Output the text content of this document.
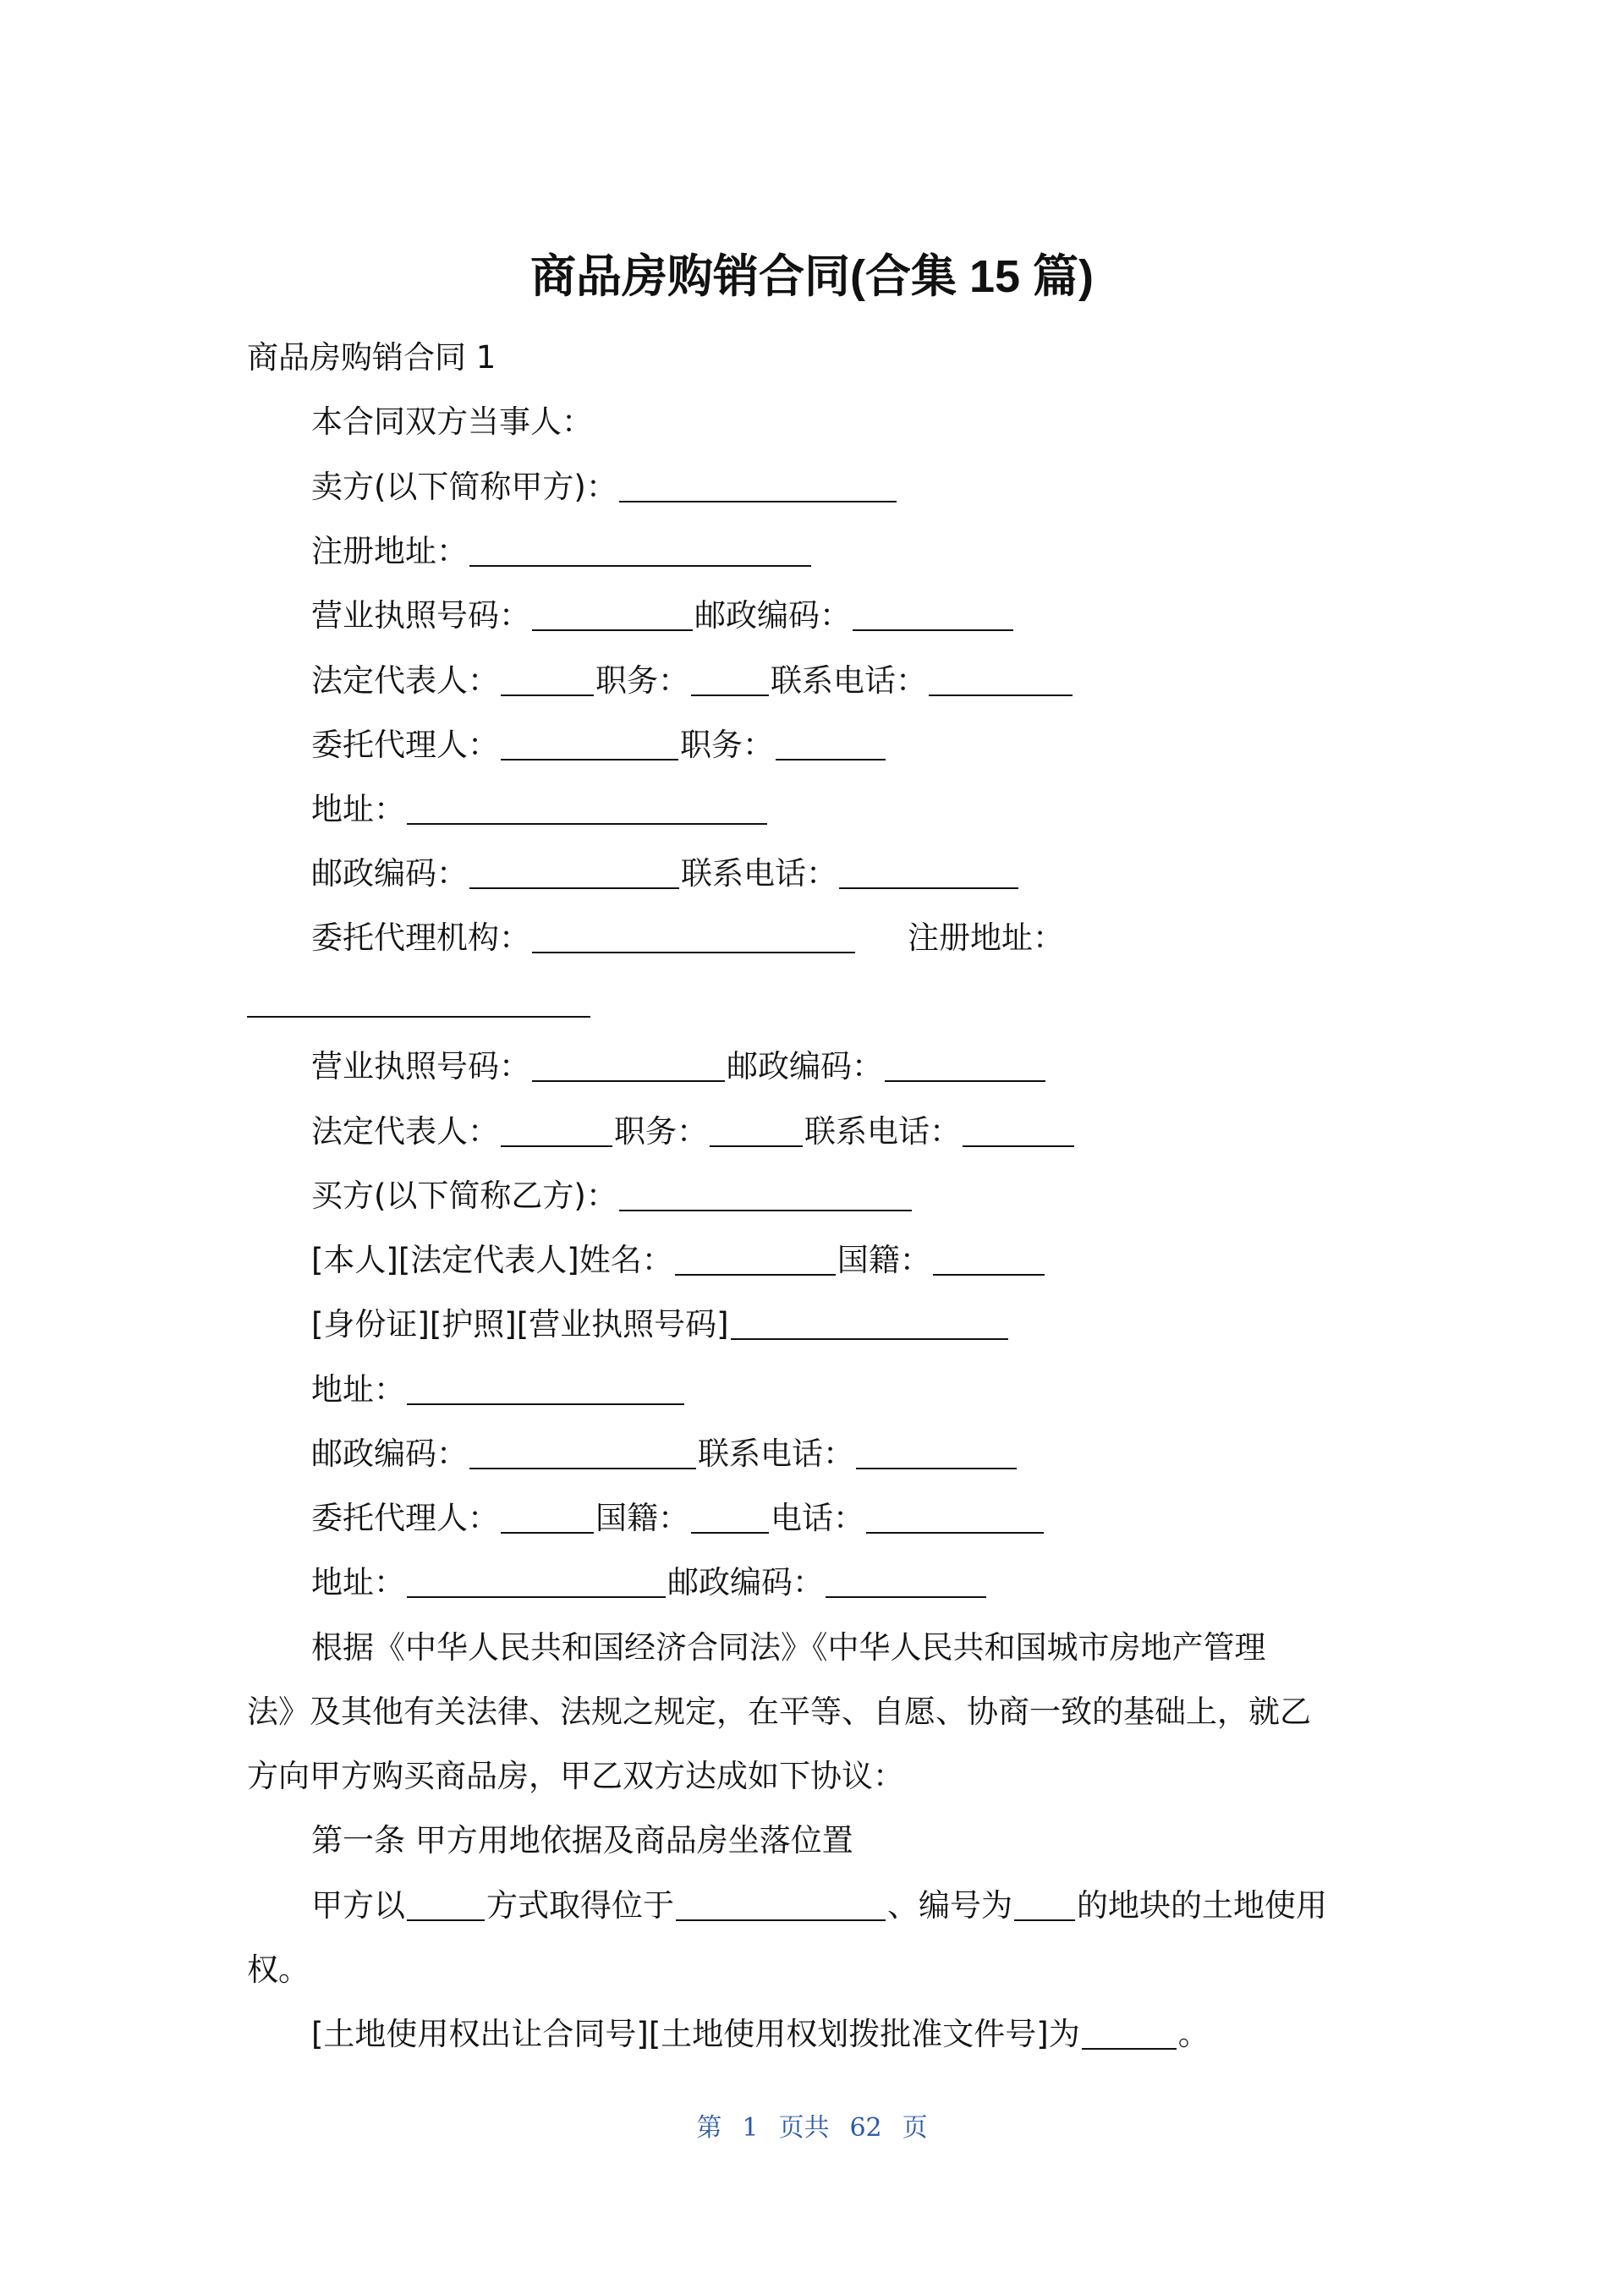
商品房购销合同(合集 15 篇)
商品房购销合同 1
本合同双方当事人：
卖方(以下简称甲方)：
注册地址：
营业执照号码：	邮政编码：
法定代表人：	职务：	联系电话：
委托代理人：	职务：
地址：
邮政编码：	联系电话：
委托代理机构：	注册地址：
营业执照号码：	邮政编码：
法定代表人：	职务：	联系电话：
买方(以下简称乙方)：
[本人][法定代表人]姓名：	国籍：
[身份证][护照][营业执照号码]
地址：
邮政编码：	联系电话：
委托代理人：	国籍：	电话：
地址：	邮政编码：
根据《中华人民共和国经济合同法》《中华人民共和国城市房地产管理
法》及其他有关法律、法规之规定，在平等、自愿、协商一致的基础上，就乙
方向甲方购买商品房，甲乙双方达成如下协议：
第一条 甲方用地依据及商品房坐落位置
甲方以	方式取得位于	、编号为 的地块的土地使用
权。
[土地使用权出让合同号][土地使用权划拨批准文件号]为	。
第 1 页共 62 页
